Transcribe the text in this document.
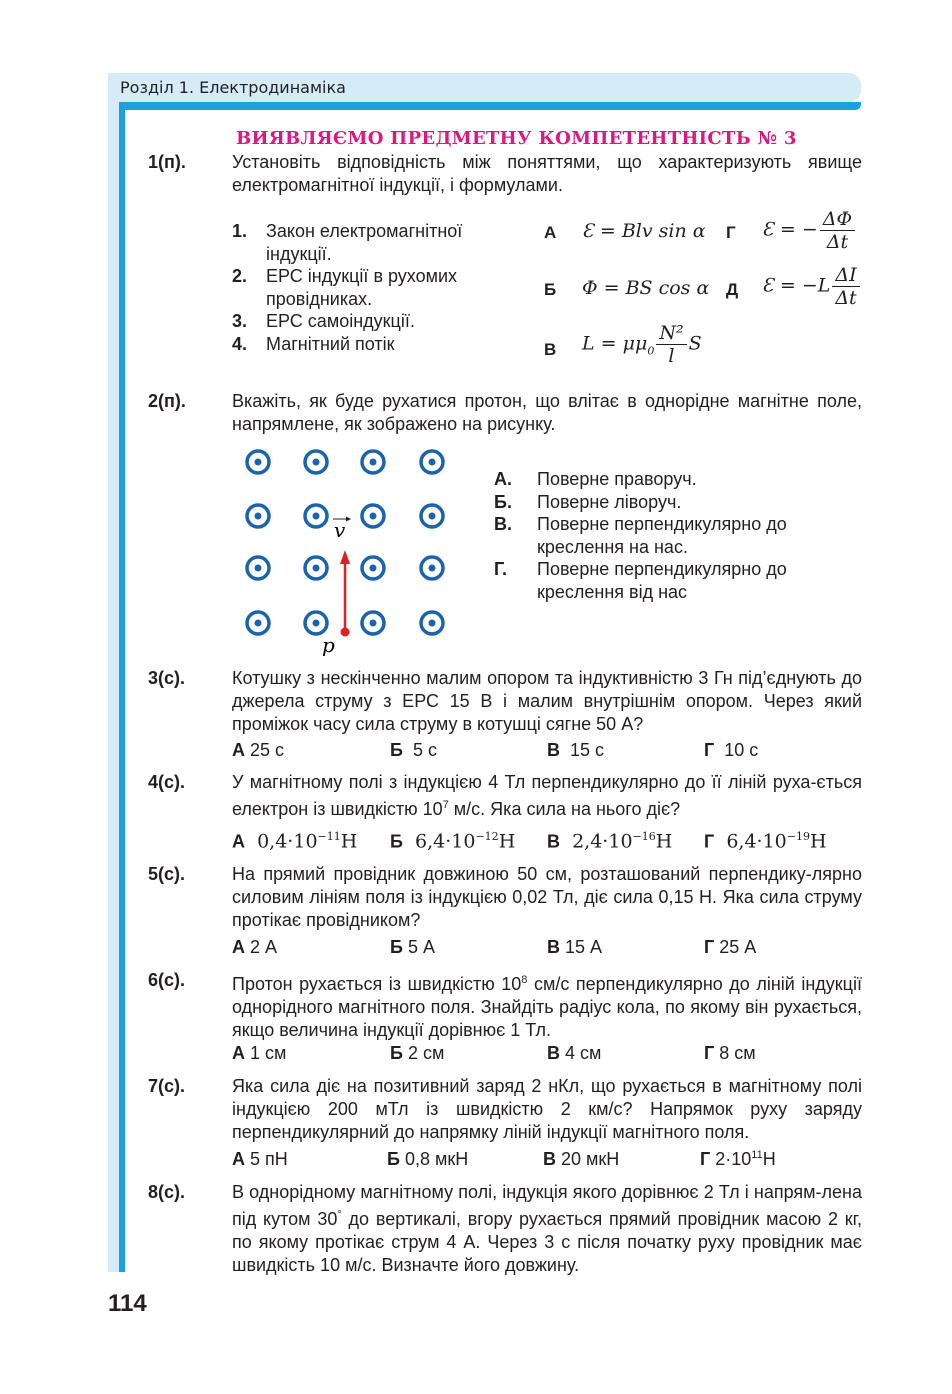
Розділ 1. Електродинаміка
ВИЯВЛЯЄМО ПРЕДМЕТНУ КОМПЕТЕНТНІСТЬ № 3
1(п).	Установіть відповідність між поняттями, що характеризують явище електромагнітної індукції, і формулами.
1.	Закон електромагнітної індукції.
2.	ЕРС індукції в рухомих провідниках.
3.	ЕРС самоіндукції.
4.	Магнітний потік
А Ɛ = Blv sin α Г Ɛ = − $\frac{\Delta\Phi}{\Delta t}$
Б Φ = BS cos α Д Ɛ = $-L \frac{\Delta I}{\Delta t}$
В $L = \mu\mu_0 \frac{\text{N²}}{l}$ S
2(п).	Вкажіть, як буде рухатися протон, що влітає в однорідне магнітне поле, напрямлене, як зображено на рисунку.
v
p
А.	Поверне праворуч.
Б.	Поверне ліворуч.
В.	Поверне перпендикулярно до креслення на нас.
Г.	Поверне перпендикулярно до креслення від нас
3(с).	Котушку з нескінченно малим опором та індуктивністю 3 Гн під’єднують до джерела струму з ЕРС 15 В і малим внутрішнім опором. Через який проміжок часу сила струму в котушці сягне 50 А?
А 25 с	Б 5 с	В 15 с	Г 10 с
4(с).	У магнітному полі з індукцією 4 Тл перпендикулярно до її ліній руха-ється електрон із швидкістю $10^7$ м/с. Яка сила на нього діє?
А $0,4\cdot 10^{-11}Н$ Б $6,4\cdot 10^{-12}Н$ В $2,4\cdot 10^{-16}Н$ Г $6,4\cdot 10^{-19}Н$
5(с).	На прямий провідник довжиною 50 см, розташований перпендику-лярно силовим лініям поля із індукцією 0,02 Тл, діє сила 0,15 Н. Яка сила струму протікає провідником?
А 2 А	Б 5 А	В 15 А	Г 25 А
6(с).	Протон рухається із швидкістю $10^8$ см/с перпендикулярно до ліній індукції однорідного магнітного поля. Знайдіть радіус кола, по якому він рухається, якщо величина індукції дорівнює 1 Тл.
А 1 см	Б 2 см	В 4 см	Г 8 см
7(с).	Яка сила діє на позитивний заряд 2 нКл, що рухається в магнітному полі індукцією 200 мТл із швидкістю 2 км/с? Напрямок руху заряду перпендикулярний до напрямку ліній індукції магнітного поля.
А 5 пН	Б 0,8 мкН	В 20 мкН	Г $2\cdot 10^{11}Н$
8(с).	В однорідному магнітному полі, індукція якого дорівнює 2 Тл і напрям-лена під кутом 30° до вертикалі, вгору рухається прямий провідник масою 2 кг, по якому протікає струм 4 А. Через 3 с після початку руху провідник має швидкість 10 м/с. Визначте його довжину.
114
